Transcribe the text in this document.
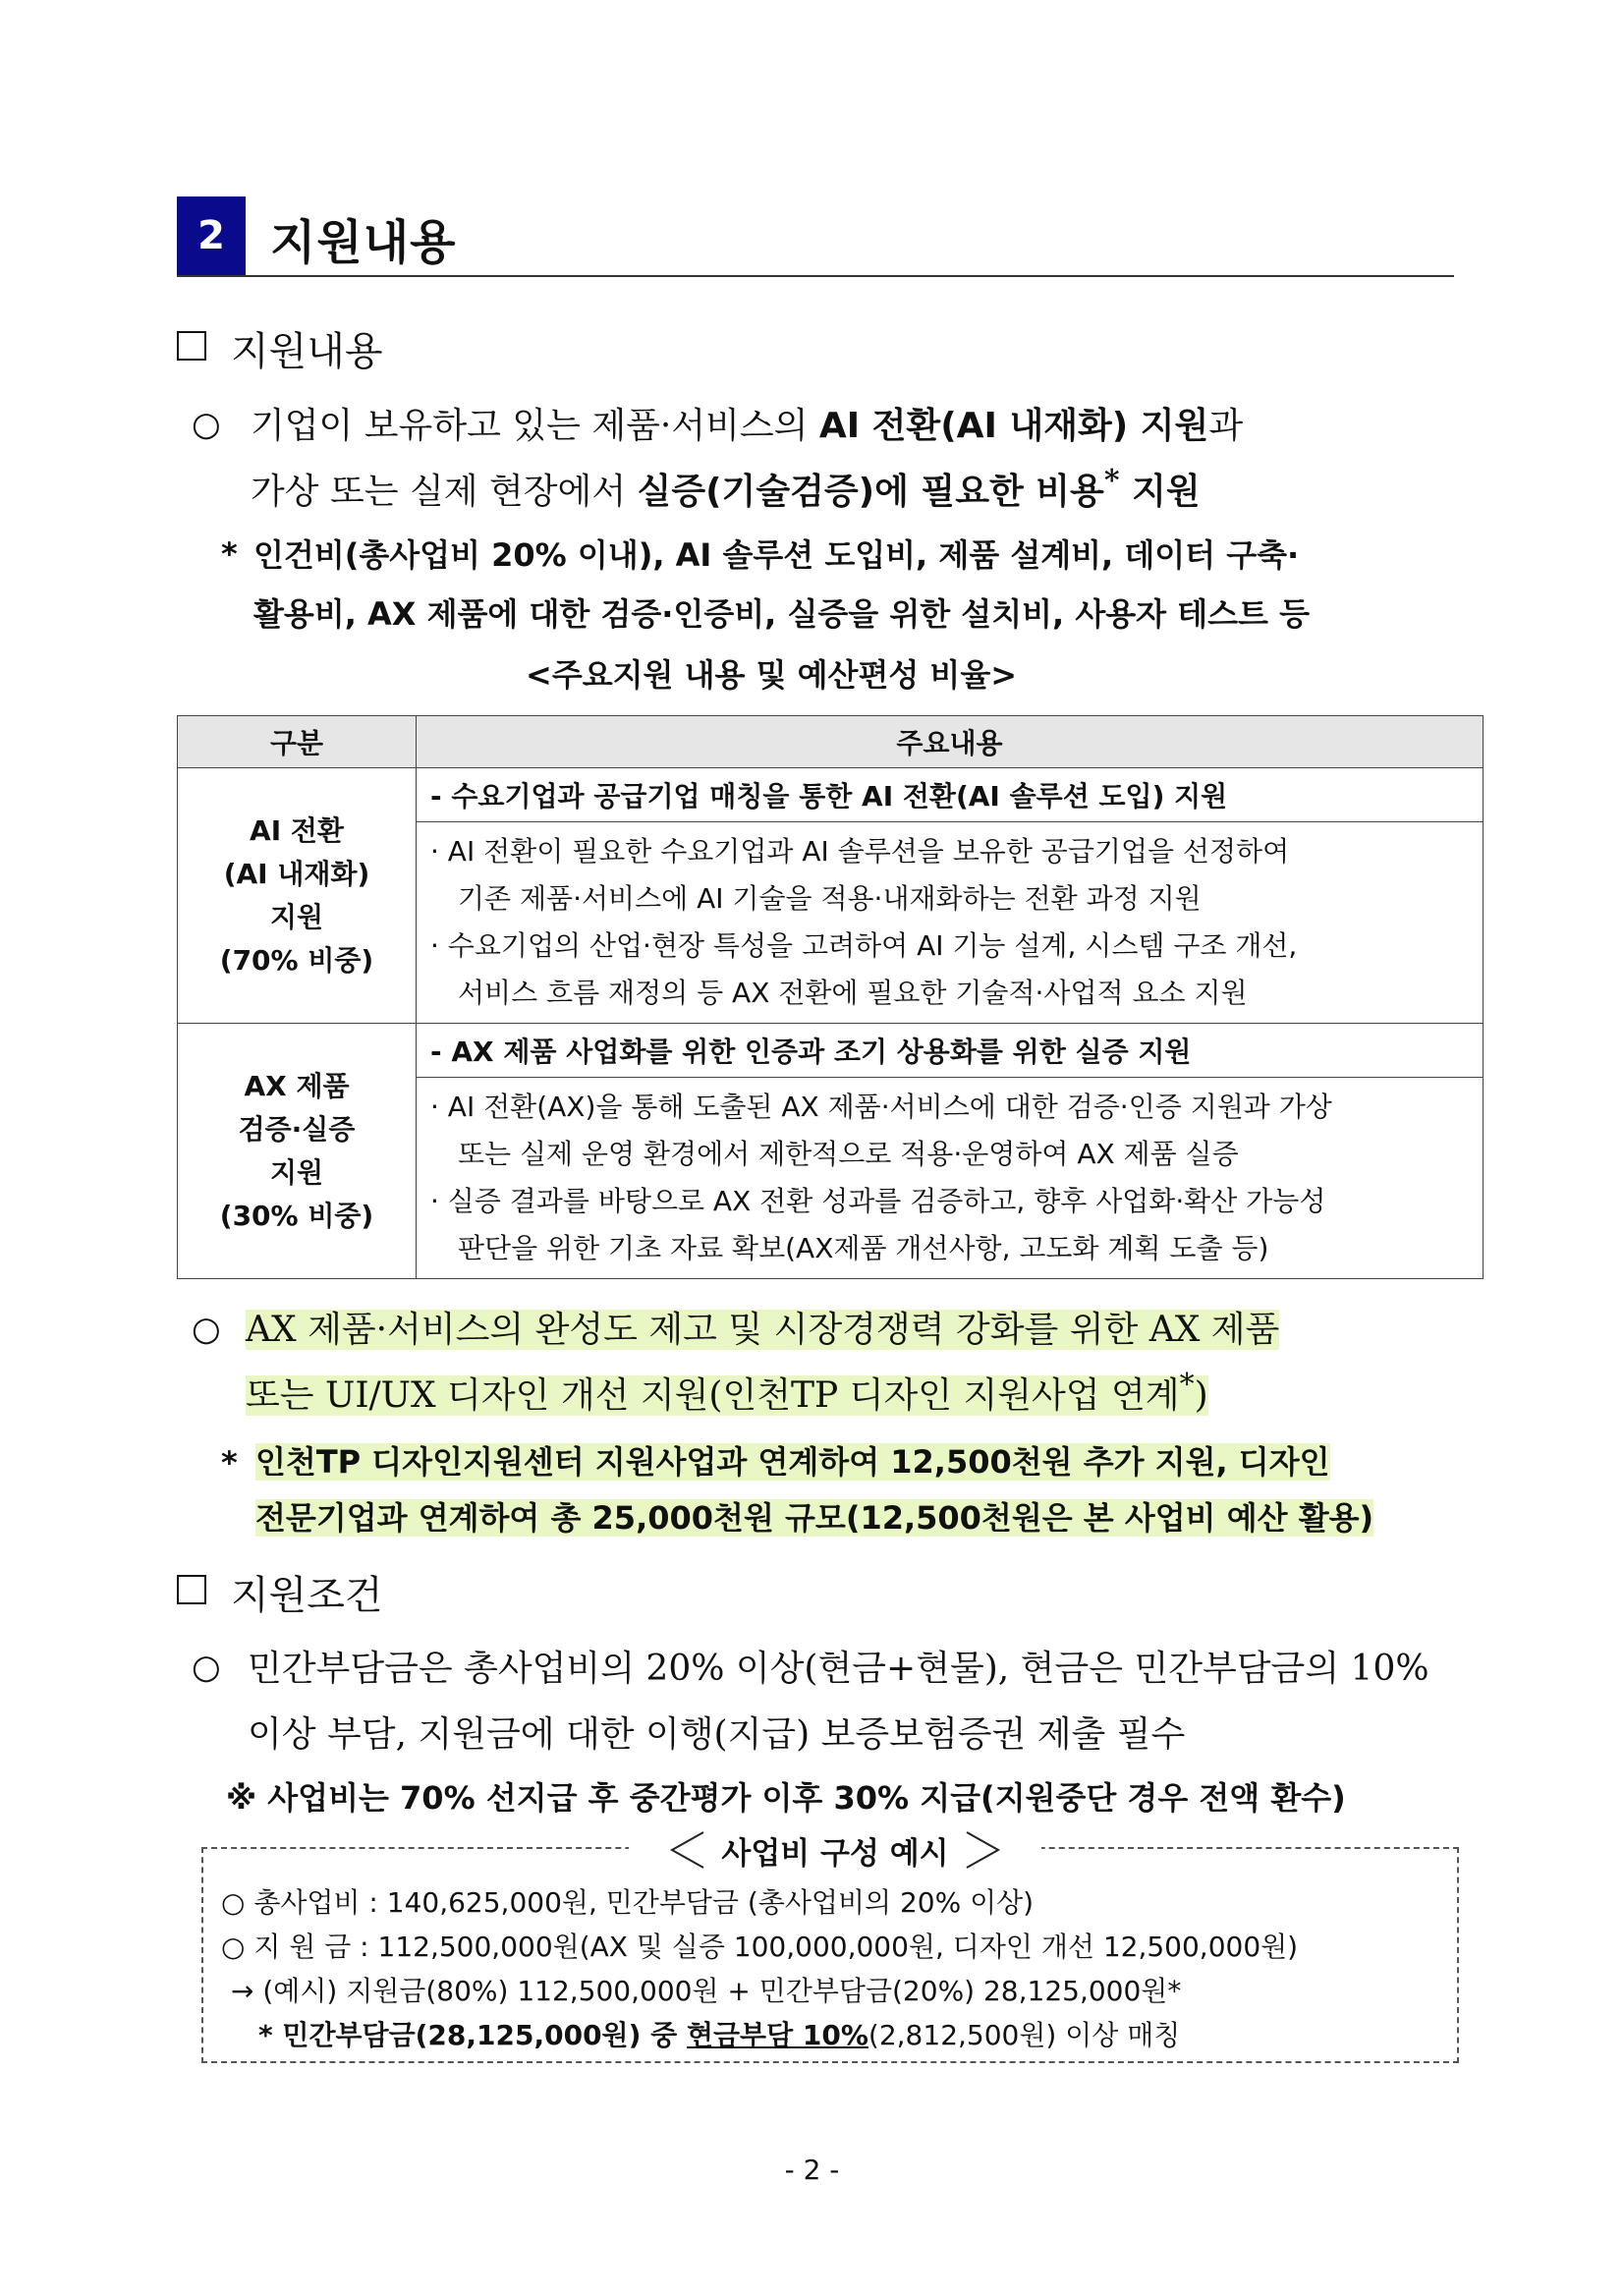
2 지원내용
지원내용
○ 기업이 보유하고 있는 제품·서비스의 AI 전환(AI 내재화) 지원과
가상 또는 실제 현장에서 실증(기술검증)에 필요한 비용* 지원
* 인건비(총사업비 20% 이내), AI 솔루션 도입비, 제품 설계비, 데이터 구축·
활용비, AX 제품에 대한 검증·인증비, 실증을 위한 설치비, 사용자 테스트 등
<주요지원 내용 및 예산편성 비율>
구분	주요내용

AI 전환
(AI 내재화)
지원
(70% 비중)	- 수요기업과 공급기업 매칭을 통한 AI 전환(AI 솔루션 도입) 지원

	· AI 전환이 필요한 수요기업과 AI 솔루션을 보유한 공급기업을 선정하여
기존 제품·서비스에 AI 기술을 적용·내재화하는 전환 과정 지원
· 수요기업의 산업·현장 특성을 고려하여 AI 기능 설계, 시스템 구조 개선,
서비스 흐름 재정의 등 AX 전환에 필요한 기술적·사업적 요소 지원

AX 제품
검증·실증
지원
(30% 비중)	- AX 제품 사업화를 위한 인증과 조기 상용화를 위한 실증 지원

	· AI 전환(AX)을 통해 도출된 AX 제품·서비스에 대한 검증·인증 지원과 가상
또는 실제 운영 환경에서 제한적으로 적용·운영하여 AX 제품 실증
· 실증 결과를 바탕으로 AX 전환 성과를 검증하고, 향후 사업화·확산 가능성
판단을 위한 기초 자료 확보(AX제품 개선사항, 고도화 계획 도출 등)
○ AX 제품·서비스의 완성도 제고 및 시장경쟁력 강화를 위한 AX 제품
또는 UI/UX 디자인 개선 지원(인천TP 디자인 지원사업 연계*)
* 인천TP 디자인지원센터 지원사업과 연계하여 12,500천원 추가 지원, 디자인
전문기업과 연계하여 총 25,000천원 규모(12,500천원은 본 사업비 예산 활용)
지원조건
○ 민간부담금은 총사업비의 20% 이상(현금+현물), 현금은 민간부담금의 10%
이상 부담, 지원금에 대한 이행(지급) 보증보험증권 제출 필수
※ 사업비는 70% 선지급 후 중간평가 이후 30% 지급(지원중단 경우 전액 환수)
사업비 구성 예시
○ 총사업비 : 140,625,000원, 민간부담금 (총사업비의 20% 이상)
○ 지 원 금 : 112,500,000원(AX 및 실증 100,000,000원, 디자인 개선 12,500,000원)
→ (예시) 지원금(80%) 112,500,000원 + 민간부담금(20%) 28,125,000원*
* 민간부담금(28,125,000원) 중 현금부담 10%(2,812,500원) 이상 매칭
- 2 -
